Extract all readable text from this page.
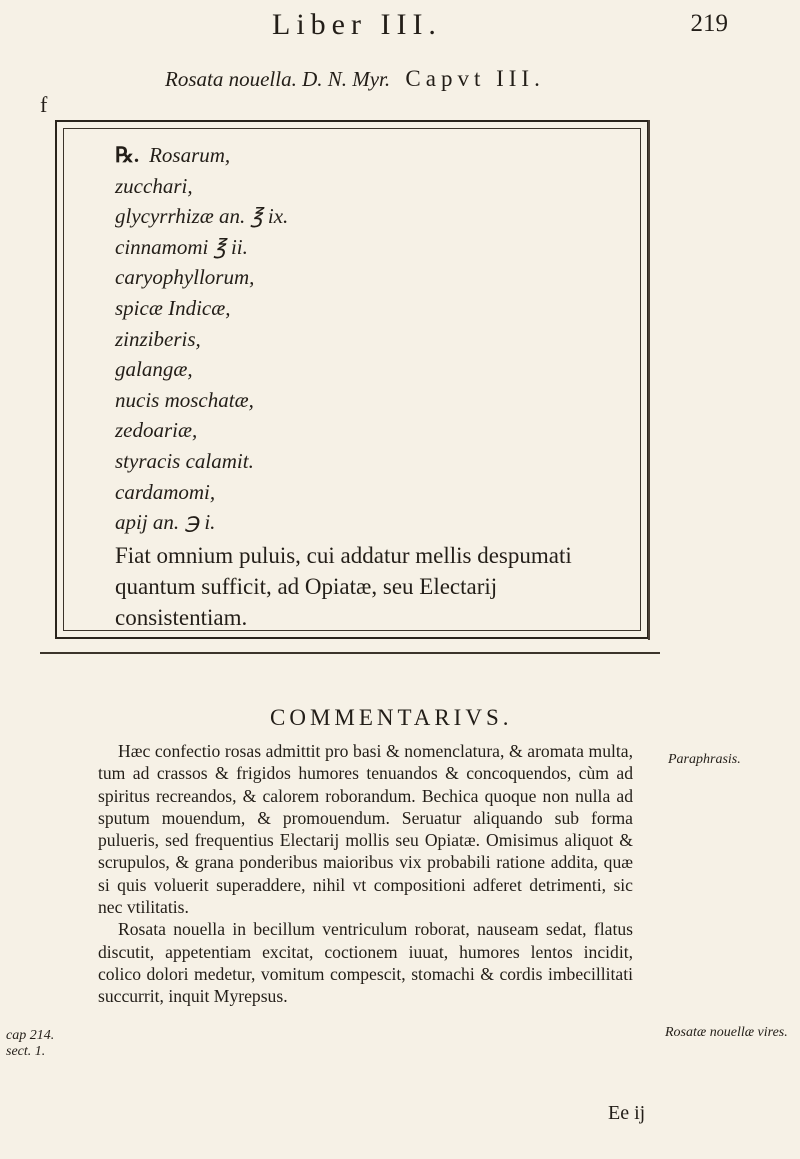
Liber III.	219
Rosata nouella. D. N. Myr. Capvt III.
f
℞. Rosarum,
zucchari,
glycyrrhizæ an. ℥ ix.
cinnamomi ℥ ii.
caryophyllorum,
spicæ Indicæ,
zinziberis,
galangæ,
nucis moschatæ,
zedoariæ,
styracis calamit.
cardamomi,
apij an. ℈ i.
Fiat omnium puluis, cui addatur mellis despumati quantum sufficit, ad Opiatæ, seu Electarij consistentiam.
COMMENTARIVS.

Hæc confectio rosas admittit pro basi & nomenclatura, & aromata multa, tum ad crassos & frigidos humores tenuandos & concoquendos, cùm ad spiritus recreandos, & calorem roborandum. Bechica quoque non nulla ad sputum mouendum, & promouendum. Seruatur aliquando sub forma pulueris, sed frequentius Electarij mollis seu Opiatæ. Omisimus aliquot & scrupulos, & grana ponderibus maioribus vix probabili ratione addita, quæ si quis voluerit superaddere, nihil vt compositioni adferet detrimenti, sic nec vtilitatis.

Rosata nouella in becillum ventriculum roborat, nauseam sedat, flatus discutit, appetentiam excitat, coctionem iuuat, humores lentos incidit, colico dolori medetur, vomitum compescit, stomachi & cordis imbecillitati succurrit, inquit Myrepsus.

Paraphrasis.
Rosatæ nouellæ vires.
cap 214. sect. 1.
Ee ij
